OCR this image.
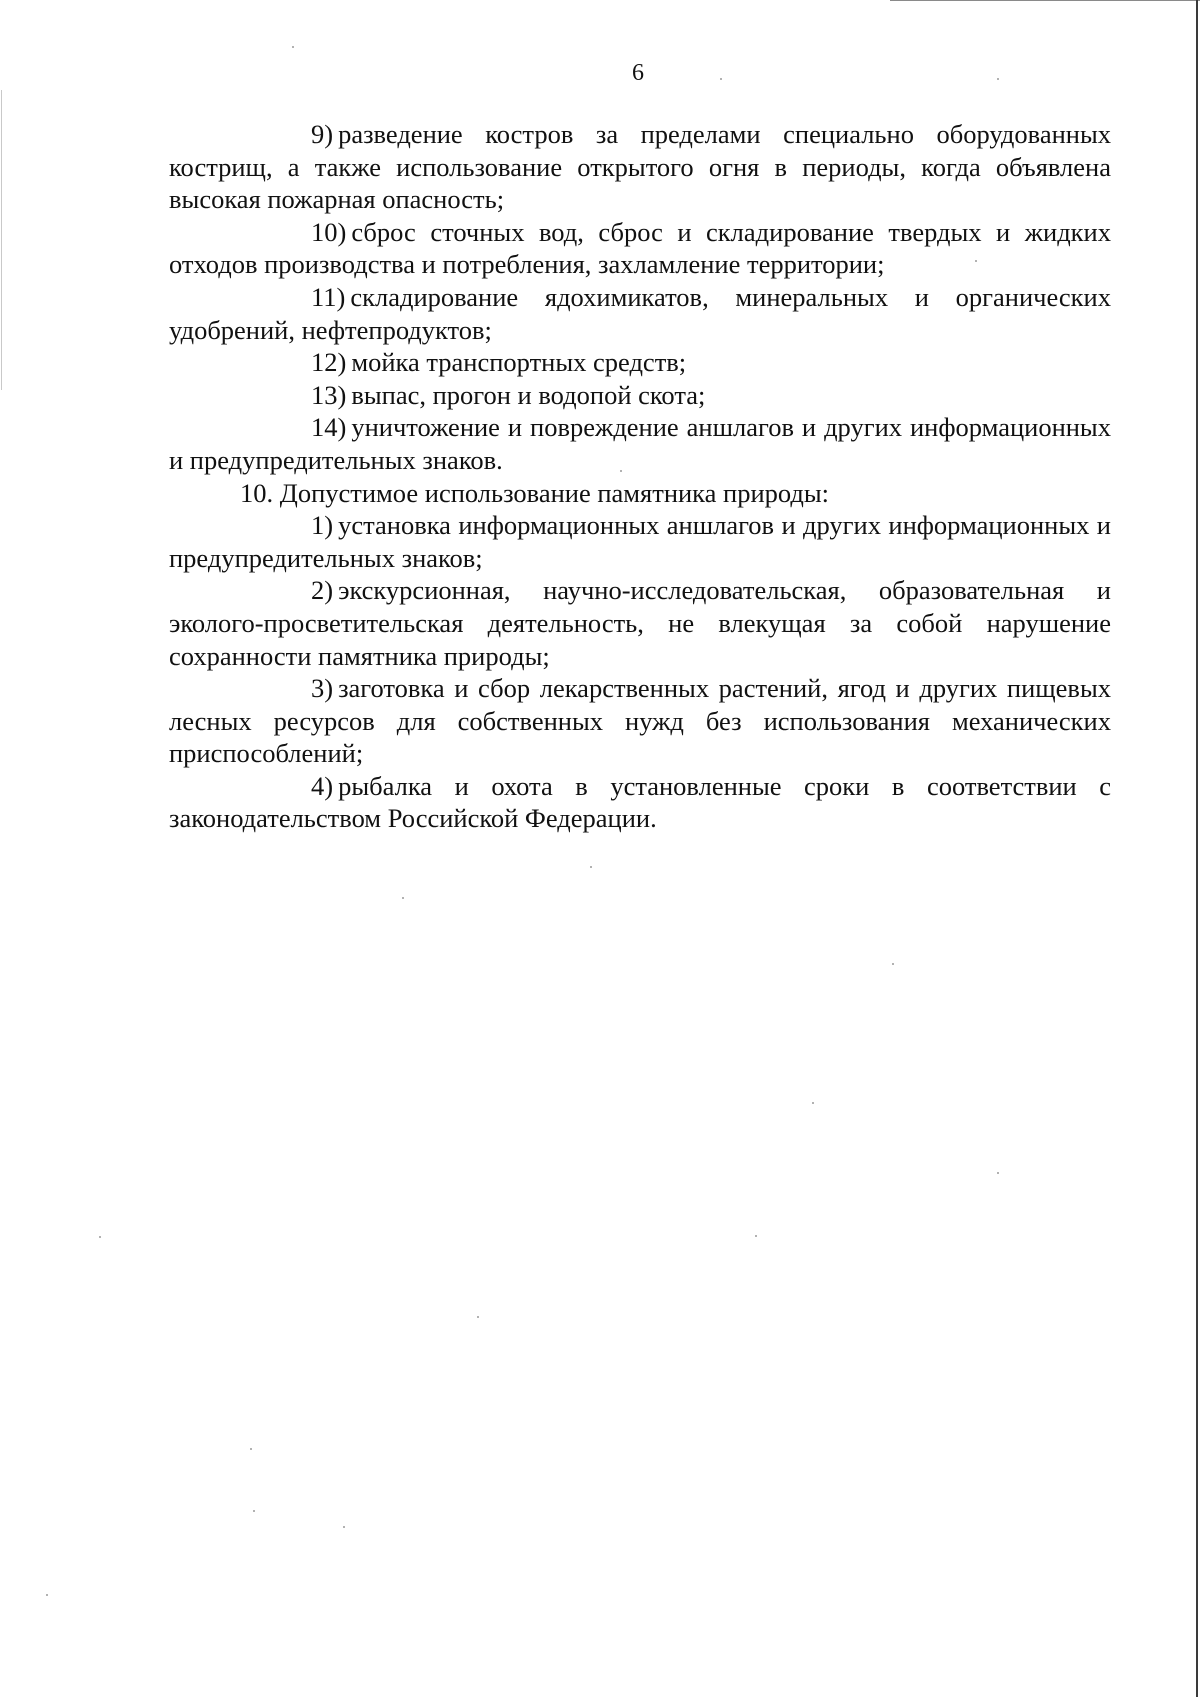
6

9) разведение костров за пределами специально оборудованных кострищ, а также использование открытого огня в периоды, когда объявлена высокая пожарная опасность;

10) сброс сточных вод, сброс и складирование твердых и жидких отходов производства и потребления, захламление территории;

11) складирование ядохимикатов, минеральных и органических удобрений, нефтепродуктов;

12) мойка транспортных средств;

13) выпас, прогон и водопой скота;

14) уничтожение и повреждение аншлагов и других информационных и предупредительных знаков.

10. Допустимое использование памятника природы:

1) установка информационных аншлагов и других информационных и предупредительных знаков;

2) экскурсионная, научно-исследовательская, образовательная и эколого-просветительская деятельность, не влекущая за собой нарушение сохранности памятника природы;

3) заготовка и сбор лекарственных растений, ягод и других пищевых лесных ресурсов для собственных нужд без использования механических приспособлений;

4) рыбалка и охота в установленные сроки в соответствии с законодательством Российской Федерации.
